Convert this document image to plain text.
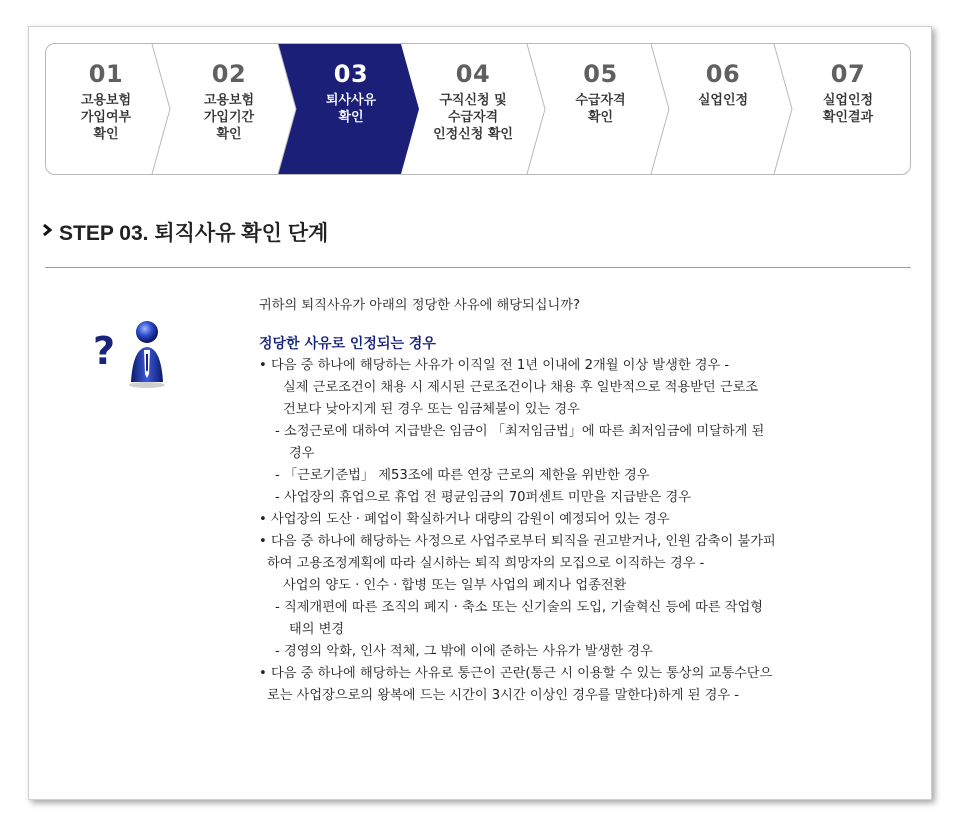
01
고용보험
가입여부
확인
02
고용보험
가입기간
확인
03
퇴사사유
확인
04
구직신청 및
수급자격
인정신청 확인
05
수급자격
확인
06
실업인정
07
실업인정
확인결과
STEP 03. 퇴직사유 확인 단계
?
귀하의 퇴직사유가 아래의 정당한 사유에 해당되십니까?
정당한 사유로 인정되는 경우
• 다음 중 하나에 해당하는 사유가 이직일 전 1년 이내에 2개월 이상 발생한 경우 -
실제 근로조건이 채용 시 제시된 근로조건이나 채용 후 일반적으로 적용받던 근로조
건보다 낮아지게 된 경우 또는 임금체불이 있는 경우
- 소정근로에 대하여 지급받은 임금이 「최저임금법」에 따른 최저임금에 미달하게 된
경우
- 「근로기준법」 제53조에 따른 연장 근로의 제한을 위반한 경우
- 사업장의 휴업으로 휴업 전 평균임금의 70퍼센트 미만을 지급받은 경우
• 사업장의 도산 · 폐업이 확실하거나 대량의 감원이 예정되어 있는 경우
• 다음 중 하나에 해당하는 사정으로 사업주로부터 퇴직을 권고받거나, 인원 감축이 불가피
하여 고용조정계획에 따라 실시하는 퇴직 희망자의 모집으로 이직하는 경우 -
사업의 양도 · 인수 · 합병 또는 일부 사업의 폐지나 업종전환
- 직제개편에 따른 조직의 폐지 · 축소 또는 신기술의 도입, 기술혁신 등에 따른 작업형
태의 변경
- 경영의 악화, 인사 적체, 그 밖에 이에 준하는 사유가 발생한 경우
• 다음 중 하나에 해당하는 사유로 통근이 곤란(통근 시 이용할 수 있는 통상의 교통수단으
로는 사업장으로의 왕복에 드는 시간이 3시간 이상인 경우를 말한다)하게 된 경우 -
